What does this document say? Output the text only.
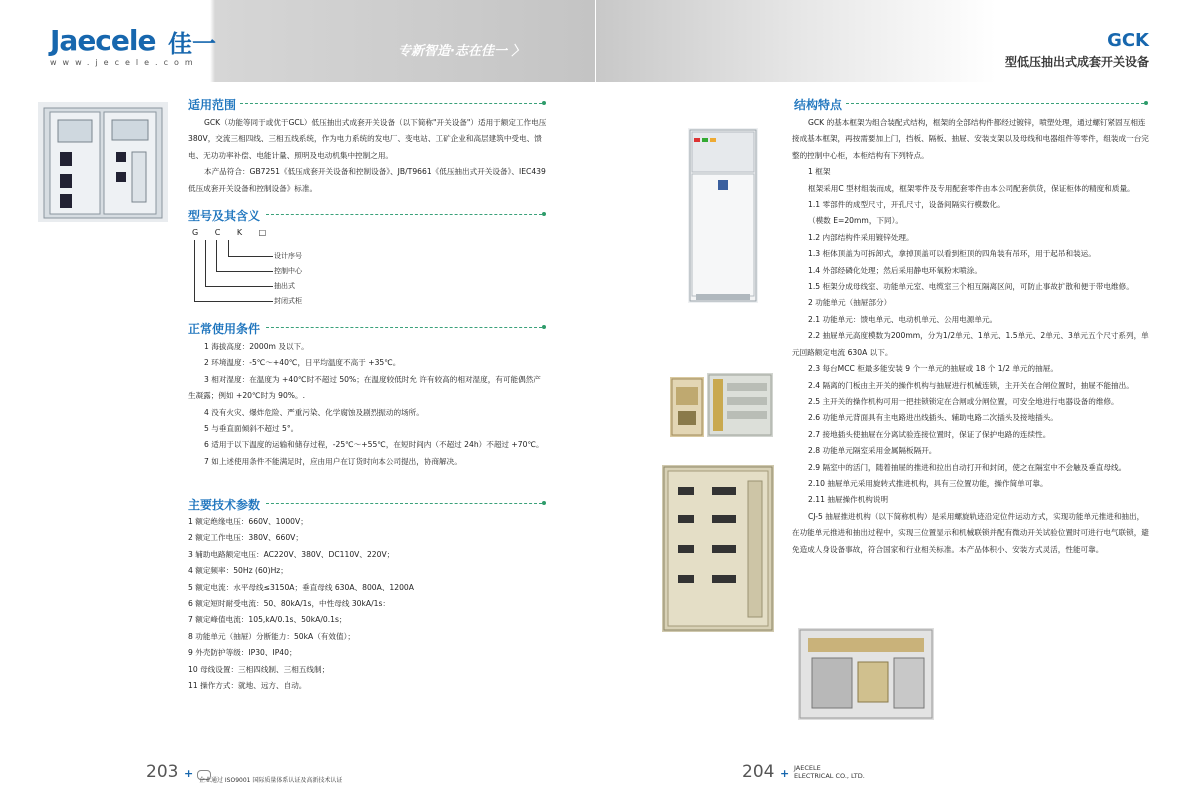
Jaecele 佳一
www.jecele.com
专新智造·志在佳一 〉
GCK
型低压抽出式成套开关设备
适用范围

GCK（功能等同于或优于GCL）低压抽出式成套开关设备（以下简称"开关设备"）适用于额定工作电压380V，交流三相四线、三相五线系统，作为电力系统的发电厂、变电站、工矿企业和高层建筑中受电、馈电、无功功率补偿、电能计量、照明及电动机集中控制之用。

本产品符合：GB7251《低压成套开关设备和控制设备》、JB/T9661《低压抽出式开关设备》、IEC439 低压成套开关设备和控制设备》标准。

型号及其含义
G C K □
设计序号
控制中心
抽出式
封闭式柜
正常使用条件

1 海拔高度：2000m 及以下。

2 环境温度：-5℃～+40℃，日平均温度不高于 +35℃。

3 相对湿度：在温度为 +40℃时不超过 50%；在温度较低时允 许有较高的相对湿度，有可能偶然产生凝露；例如 +20℃时为 90%。.

4 没有火灾、爆炸危险、严重污染、化学腐蚀及剧烈振动的场所。

5 与垂直面倾斜不超过 5°。

6 适用于以下温度的运输和储存过程，-25℃～+55℃，在短时间内（不超过 24h）不超过 +70℃。

7 如上述使用条件不能满足时，应由用户在订货时向本公司提出，协商解决。

主要技术参数

1 额定绝缘电压：660V、1000V；

2 额定工作电压：380V、660V；

3 辅助电路额定电压：AC220V、380V、DC110V、220V；

4 额定频率：50Hz (60)Hz；

5 额定电流：水平母线≤3150A；垂直母线 630A、800A、1200A

6 额定短时耐受电流：50、80kA/1s，中性母线 30kA/1s：

7 额定峰值电流：105,kA/0.1s、50kA/0.1s；

8 功能单元（抽屉）分断能力：50kA（有效值）；

9 外壳防护等级：IP30、IP40；

10 母线设置：三相四线制、三相五线制；

11 操作方式：就地、远方、自动。

203 +
企业通过 ISO9001 国际质量体系认证及高新技术认证
结构特点

GCK 的基本框架为组合装配式结构，框架的全部结构件都经过镀锌，喷塑处理，通过螺钉紧固互相连接成基本框架，再按需要加上门，挡板、隔板、抽屉、安装支架以及母线和电器组件等零件，组装成一台完整的控制中心柜，本柜结构有下列特点。

1 框架

框架采用C 型材组装而成，框架零件及专用配套零件由本公司配套供货，保证柜体的精度和质量。

1.1 零部件的成型尺寸，开孔尺寸，设备间隔实行模数化。

（模数 E=20mm，下同）。

1.2 内部结构件采用镀锌处理。

1.3 柜体顶盖为可拆卸式，拿掉顶盖可以看到柜顶的四角装有吊环，用于起吊和装运。

1.4 外部经磷化处理；然后采用静电环氧粉末喷涂。

1.5 柜架分成母线室、功能单元室、电缆室三个相互隔离区间，可防止事故扩散和便于带电维修。

2 功能单元（抽屉部分）

2.1 功能单元：馈电单元、电动机单元、公用电源单元。

2.2 抽屉单元高度模数为200mm，分为1/2单元、1单元、1.5单元、2单元、3单元五个尺寸系列，单元回路额定电流 630A 以下。

2.3 每台MCC 柜最多能安装 9 个一单元的抽屉或 18 个 1/2 单元的抽屉。

2.4 隔离的门板由主开关的操作机构与抽屉进行机械连锁，主开关在合闸位置时，抽屉不能抽出。

2.5 主开关的操作机构可用一把挂锁锁定在合闸或分闸位置，可安全地进行电器设备的维修。

2.6 功能单元背面具有主电路进出线插头、辅助电路二次插头及接地插头。

2.7 接地插头使抽屉在分离试验连接位置时，保证了保护电路的连续性。

2.8 功能单元隔室采用金属隔板隔开。

2.9 隔室中的活门，随着抽屉的推进和拉出自动打开和封闭，使之在隔室中不会触及垂直母线。

2.10 抽屉单元采用旋转式推进机构，具有三位置功能，操作简单可靠。

2.11 抽屉操作机构说明

CJ-5 抽屉推进机构（以下简称机构）是采用螺旋轨迹沿定位件运动方式，实现功能单元推进和抽出，在功能单元推进和抽出过程中，实现三位置显示和机械联锁并配有微动开关试验位置时可进行电气联锁，避免造成人身设备事故，符合国家和行业相关标准。本产品体积小、安装方式灵活，性能可靠。

204 + JAECELE
ELECTRICAL CO., LTD.
